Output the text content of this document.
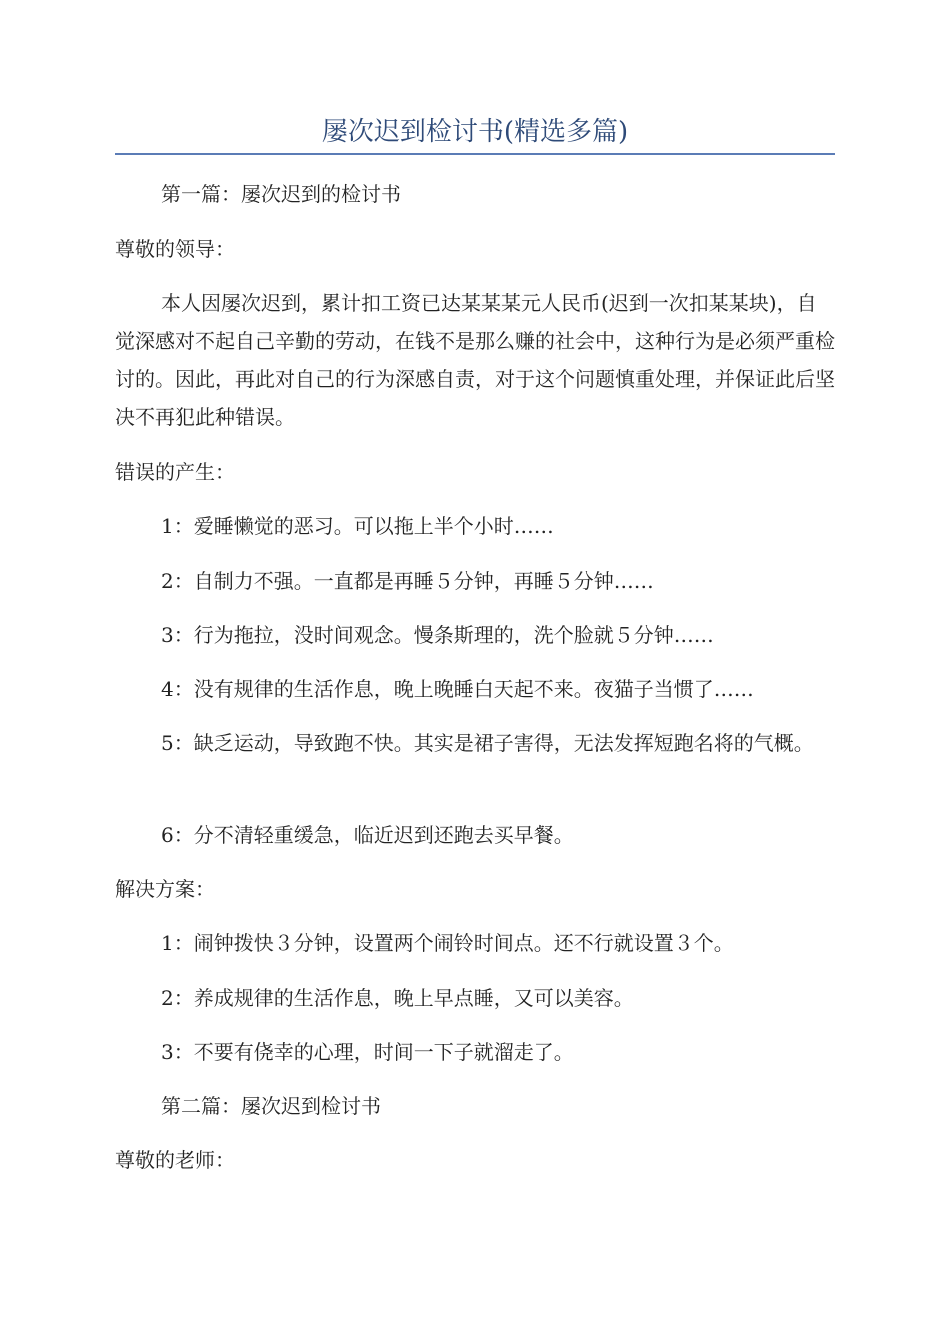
屡次迟到检讨书(精选多篇)
第一篇：屡次迟到的检讨书
尊敬的领导：
本人因屡次迟到，累计扣工资已达某某某元人民币(迟到一次扣某某块)，自觉深感对不起自己辛勤的劳动，在钱不是那么赚的社会中，这种行为是必须严重检讨的。因此，再此对自己的行为深感自责，对于这个问题慎重处理，并保证此后坚决不再犯此种错误。
错误的产生：
1：爱睡懒觉的恶习。可以拖上半个小时……
2：自制力不强。一直都是再睡５分钟，再睡５分钟……
3：行为拖拉，没时间观念。慢条斯理的，洗个脸就５分钟……
4：没有规律的生活作息，晚上晚睡白天起不来。夜猫子当惯了……
5：缺乏运动，导致跑不快。其实是裙子害得，无法发挥短跑名将的气概。
6：分不清轻重缓急，临近迟到还跑去买早餐。
解决方案：
1：闹钟拨快３分钟，设置两个闹铃时间点。还不行就设置３个。
2：养成规律的生活作息，晚上早点睡，又可以美容。
3：不要有侥幸的心理，时间一下子就溜走了。
第二篇：屡次迟到检讨书
尊敬的老师：
